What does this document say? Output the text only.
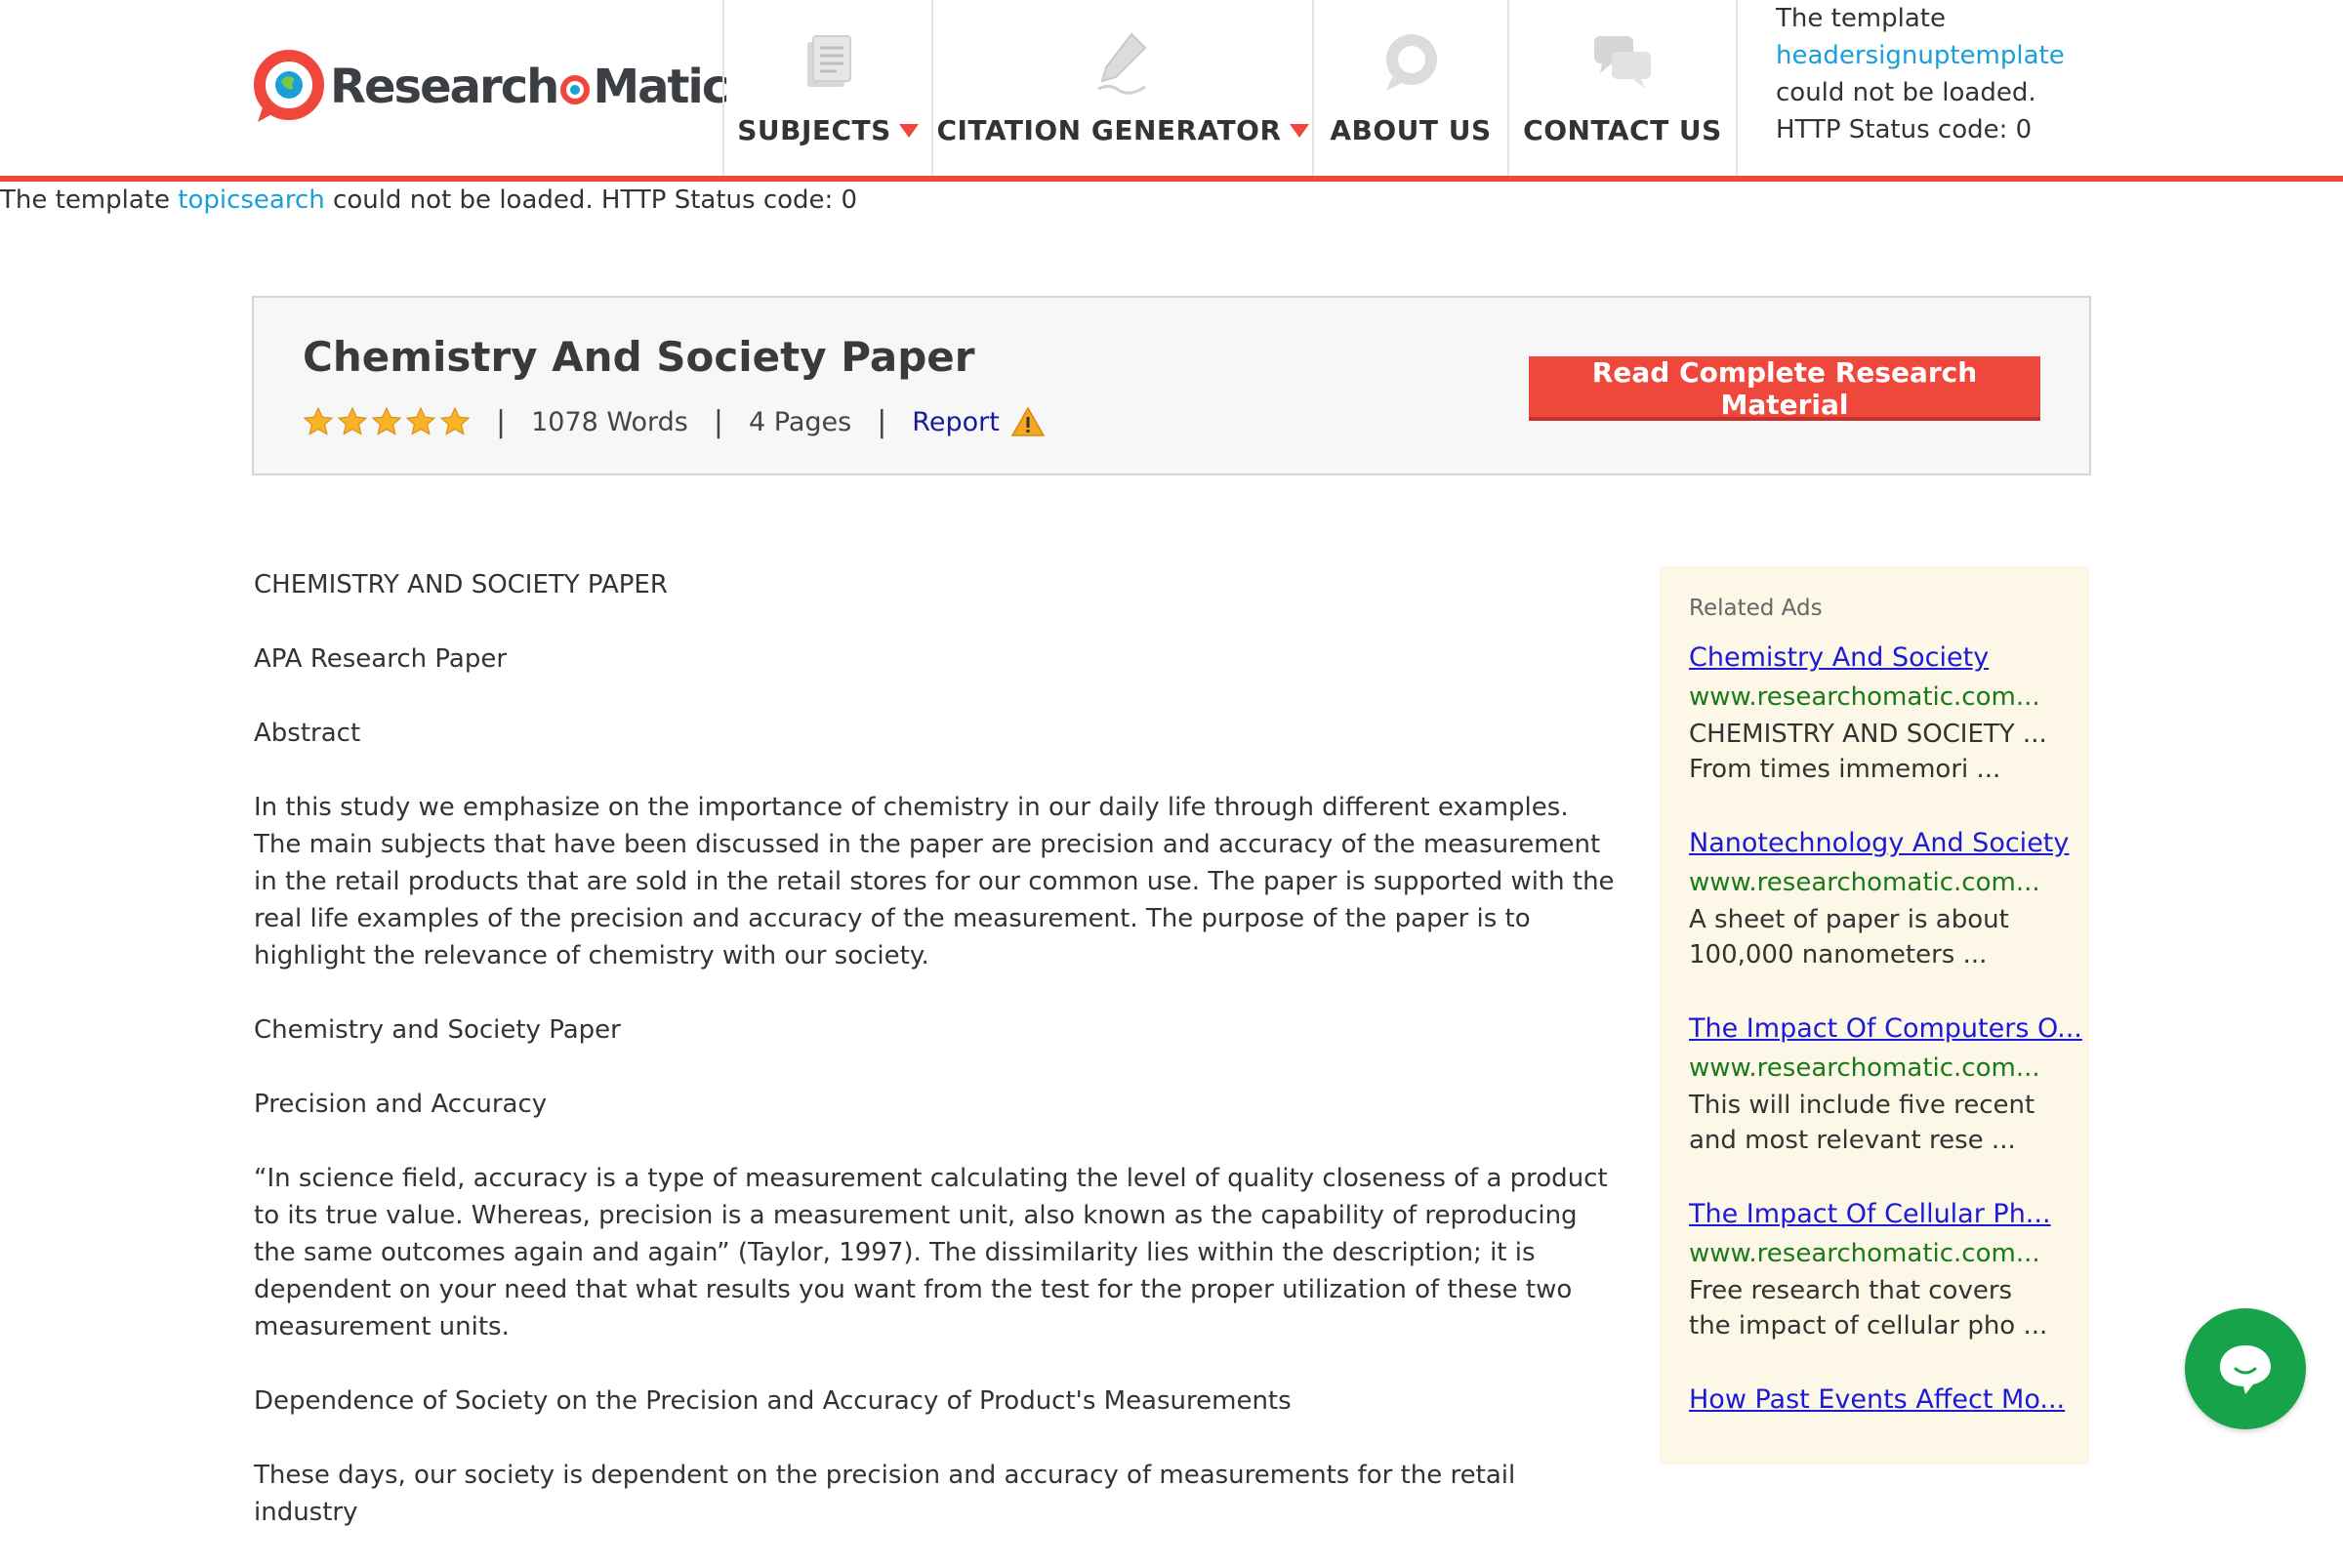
Research Matic
SUBJECTS CITATION GENERATOR ABOUT US CONTACT US
The template
headersignuptemplate
could not be loaded. HTTP Status code: 0
The template topicsearch could not be loaded. HTTP Status code: 0
Chemistry And Society Paper
| 1078 Words | 4 Pages | Report
Read Complete Research Material

CHEMISTRY AND SOCIETY PAPER

APA Research Paper

Abstract

In this study we emphasize on the importance of chemistry in our daily life through different examples. The main subjects that have been discussed in the paper are precision and accuracy of the measurement in the retail products that are sold in the retail stores for our common use. The paper is supported with the real life examples of the precision and accuracy of the measurement. The purpose of the paper is to highlight the relevance of chemistry with our society.

Chemistry and Society Paper

Precision and Accuracy

“In science field, accuracy is a type of measurement calculating the level of quality closeness of a product to its true value. Whereas, precision is a measurement unit, also known as the capability of reproducing the same outcomes again and again” (Taylor, 1997). The dissimilarity lies within the description; it is dependent on your need that what results you want from the test for the proper utilization of these two measurement units.

Dependence of Society on the Precision and Accuracy of Product's Measurements

These days, our society is dependent on the precision and accuracy of measurements for the retail industry

Related Ads
Chemistry And Society
www.researchomatic.com...
CHEMISTRY AND SOCIETY ... From times immemori ...
Nanotechnology And Society
www.researchomatic.com...
A sheet of paper is about 100,000 nanometers ...
The Impact Of Computers O...
www.researchomatic.com...
This will include five recent and most relevant rese ...
The Impact Of Cellular Ph...
www.researchomatic.com...
Free research that covers the impact of cellular pho ...
How Past Events Affect Mo...
